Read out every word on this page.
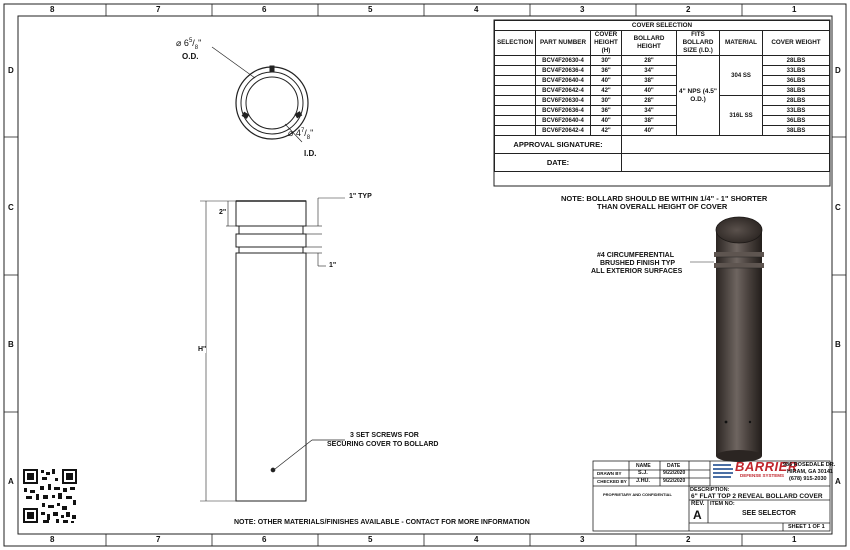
8	7	6	5	4	3	2	1
8	7	6	5	4	3	2	1
D
C
B
A
D
C
B
A
COVER SELECTION						
SELECTION	PART NUMBER	COVER HEIGHT (H)	BOLLARD HEIGHT	FITS BOLLARD SIZE (I.D.)	MATERIAL	COVER WEIGHT
	BCV4F20630-4	30"	28"	4" NPS (4.5" O.D.)	304 SS	28LBS
	BCV4F20636-4	36"	34"			33LBS
	BCV4F20640-4	40"	38"			36LBS
	BCV4F20642-4	42"	40"			38LBS
	BCV6F20630-4	30"	28"		316L SS	28LBS
	BCV6F20636-4	36"	34"			33LBS
	BCV6F20640-4	40"	38"			36LBS
	BCV6F20642-4	42"	40"			38LBS
APPROVAL SIGNATURE:						
DATE:						
NOTE: BOLLARD SHOULD BE WITHIN 1/4" - 1" SHORTER
THAN OVERALL HEIGHT OF COVER
#4 CIRCUMFERENTIAL
BRUSHED FINISH TYP
ALL EXTERIOR SURFACES
3 SET SCREWS FOR
SECURING COVER TO BOLLARD
NOTE: OTHER MATERIALS/FINISHES AVAILABLE - CONTACT FOR MORE INFORMATION
⌀ $6^5/_8$"
O.D.
⌀ $4^7/_8$"
I.D.
1" TYP
2"
1"
H"
NAME	DATE
DRAWN BY	S.J.	9/22/2020
CHECKED BY J.HU.	9/22/2020
PROPRIETARY AND CONFIDENTIAL
BARRIER
DEFENSE SYSTEMS
986 ROSEDALE DR.
HIRAM, GA 30141
(678) 915-2030
DESCRIPTION:
6" FLAT TOP 2 REVEAL BOLLARD COVER
REV.
A
ITEM NO:
SEE SELECTOR
SHEET 1 OF 1
